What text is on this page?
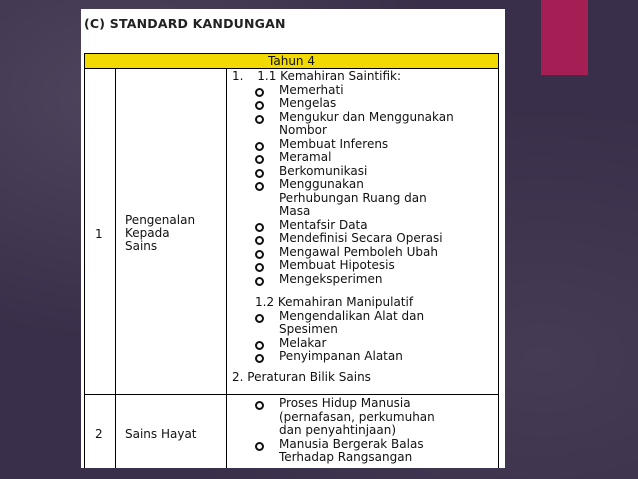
(C) STANDARD KANDUNGAN
Tahun 4
1
Pengenalan
Kepada
Sains
1. 1.1 Kemahiran Saintifik:
Memerhati
Mengelas
Mengukur dan Menggunakan
Nombor
Membuat Inferens
Meramal
Berkomunikasi
Menggunakan
Perhubungan Ruang dan
Masa
Mentafsir Data
Mendefinisi Secara Operasi
Mengawal Pemboleh Ubah
Membuat Hipotesis
Mengeksperimen
1.2 Kemahiran Manipulatif
Mengendalikan Alat dan
Spesimen
Melakar
Penyimpanan Alatan
2. Peraturan Bilik Sains
2 Sains Hayat
Proses Hidup Manusia
(pernafasan, perkumuhan
dan penyahtinjaan)
Manusia Bergerak Balas
Terhadap Rangsangan
